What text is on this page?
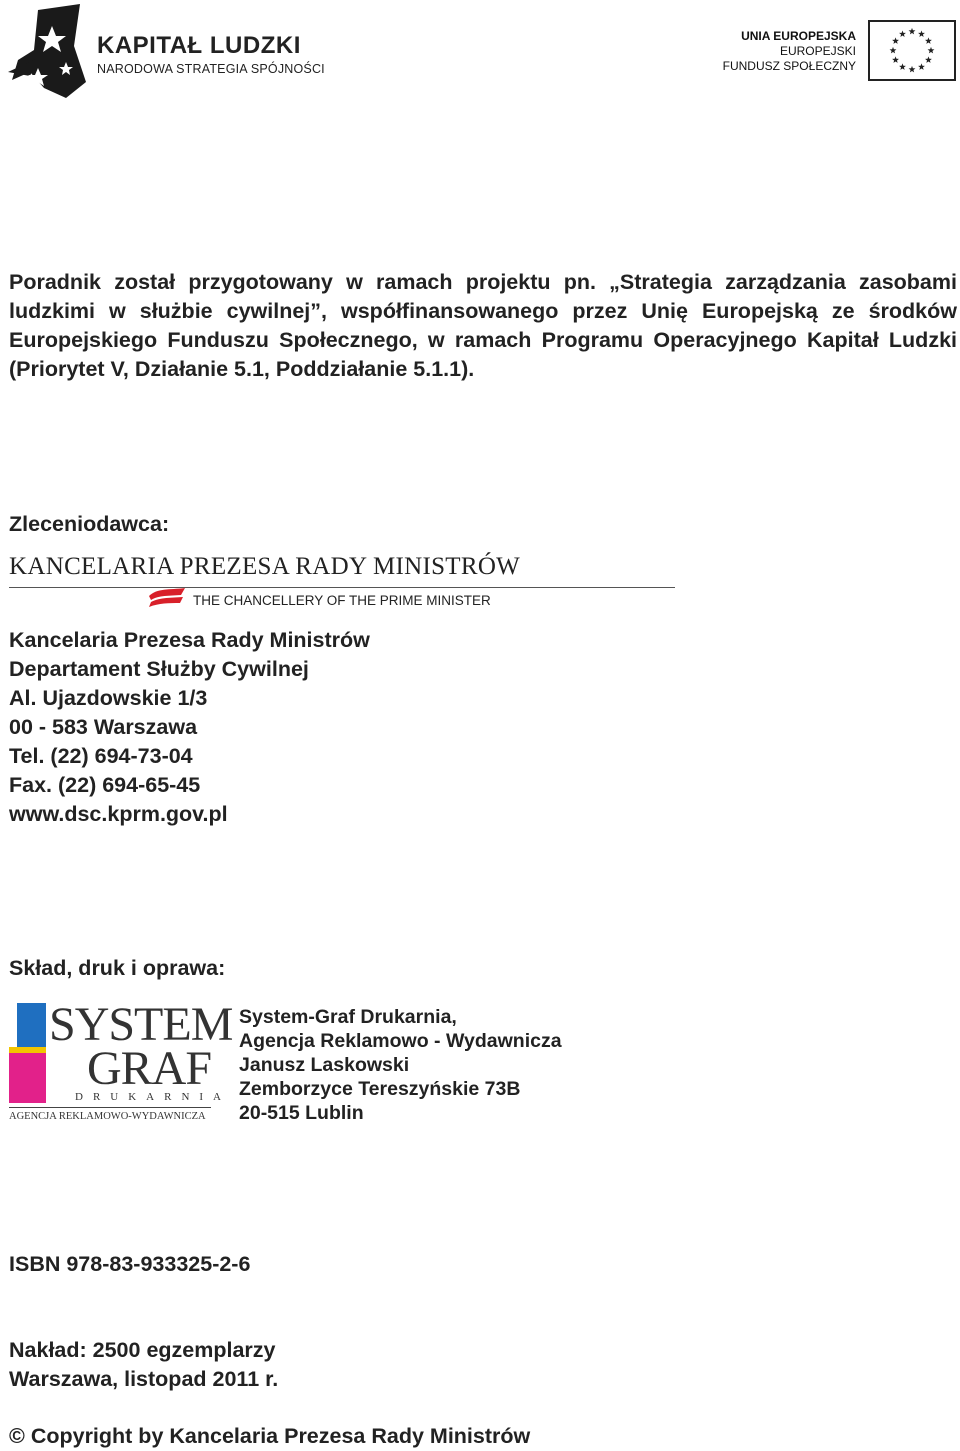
KAPITAŁ LUDZKI
NARODOWA STRATEGIA SPÓJNOŚCI
UNIA EUROPEJSKA
EUROPEJSKI
FUNDUSZ SPOŁECZNY
Poradnik został przygotowany w ramach projektu pn. „Strategia zarządzania zasobami ludzkimi w służbie cywilnej”, współfinansowanego przez Unię Europejską ze środków Europejskiego Funduszu Społecznego, w ramach Programu Operacyjnego Kapitał Ludzki (Priorytet V, Działanie 5.1, Poddziałanie 5.1.1).
Zleceniodawca:
KANCELARIA PREZESA RADY MINISTRÓW
THE CHANCELLERY OF THE PRIME MINISTER
Kancelaria Prezesa Rady Ministrów
Departament Służby Cywilnej
Al. Ujazdowskie 1/3
00 - 583 Warszawa
Tel. (22) 694-73-04
Fax. (22) 694-65-45
www.dsc.kprm.gov.pl
Skład, druk i oprawa:
SYSTEM
GRAF
DRUKARNIA
AGENCJA REKLAMOWO-WYDAWNICZA
System-Graf Drukarnia,
Agencja Reklamowo - Wydawnicza
Janusz Laskowski
Zemborzyce Tereszyńskie 73B
20-515 Lublin
ISBN 978-83-933325-2-6
Nakład: 2500 egzemplarzy
Warszawa, listopad 2011 r.
© Copyright by Kancelaria Prezesa Rady Ministrów
